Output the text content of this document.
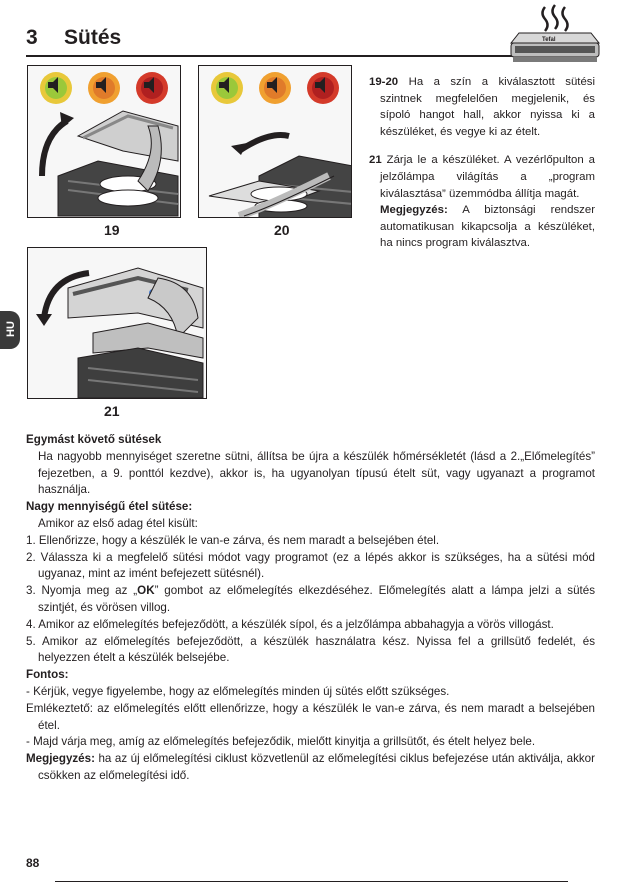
3 Sütés	Tefal
19	20
21
HU

19-20 Ha a szín a kiválasztott sütési szintnek megfelelően megjelenik, és sípoló hangot hall, akkor nyissa ki a készüléket, és vegye ki az ételt.

21 Zárja le a készüléket. A vezérlőpulton a jelzőlámpa világítás a „program kiválasztása” üzemmódba állítja magát.

Megjegyzés: A biztonsági rendszer automatikusan kikapcsolja a készüléket, ha nincs program kiválasztva.

Egymást követő sütések
Ha nagyobb mennyiséget szeretne sütni, állítsa be újra a készülék hőmérsékletét (lásd a 2.„Előmelegítés” fejezetben, a 9. ponttól kezdve), akkor is, ha ugyanolyan típusú ételt süt, vagy ugyanazt a programot használja.
Nagy mennyiségű étel sütése:
Amikor az első adag étel kisült:
1. Ellenőrizze, hogy a készülék le van-e zárva, és nem maradt a belsejében étel.
2. Válassza ki a megfelelő sütési módot vagy programot (ez a lépés akkor is szükséges, ha a sütési mód ugyanaz, mint az imént befejezett sütésnél).
3. Nyomja meg az „OK” gombot az előmelegítés elkezdéséhez. Előmelegítés alatt a lámpa jelzi a sütés szintjét, és vörösen villog.
4. Amikor az előmelegítés befejeződött, a készülék sípol, és a jelzőlámpa abbahagyja a vörös villogást.
5. Amikor az előmelegítés befejeződött, a készülék használatra kész. Nyissa fel a grillsütő fedelét, és helyezzen ételt a készülék belsejébe.
Fontos:
- Kérjük, vegye figyelembe, hogy az előmelegítés minden új sütés előtt szükséges.
Emlékeztető: az előmelegítés előtt ellenőrizze, hogy a készülék le van-e zárva, és nem maradt a belsejében étel.
- Majd várja meg, amíg az előmelegítés befejeződik, mielőtt kinyitja a grillsütőt, és ételt helyez bele.
Megjegyzés: ha az új előmelegítési ciklust közvetlenül az előmelegítési ciklus befejezése után aktiválja, akkor csökken az előmelegítési idő.
88
